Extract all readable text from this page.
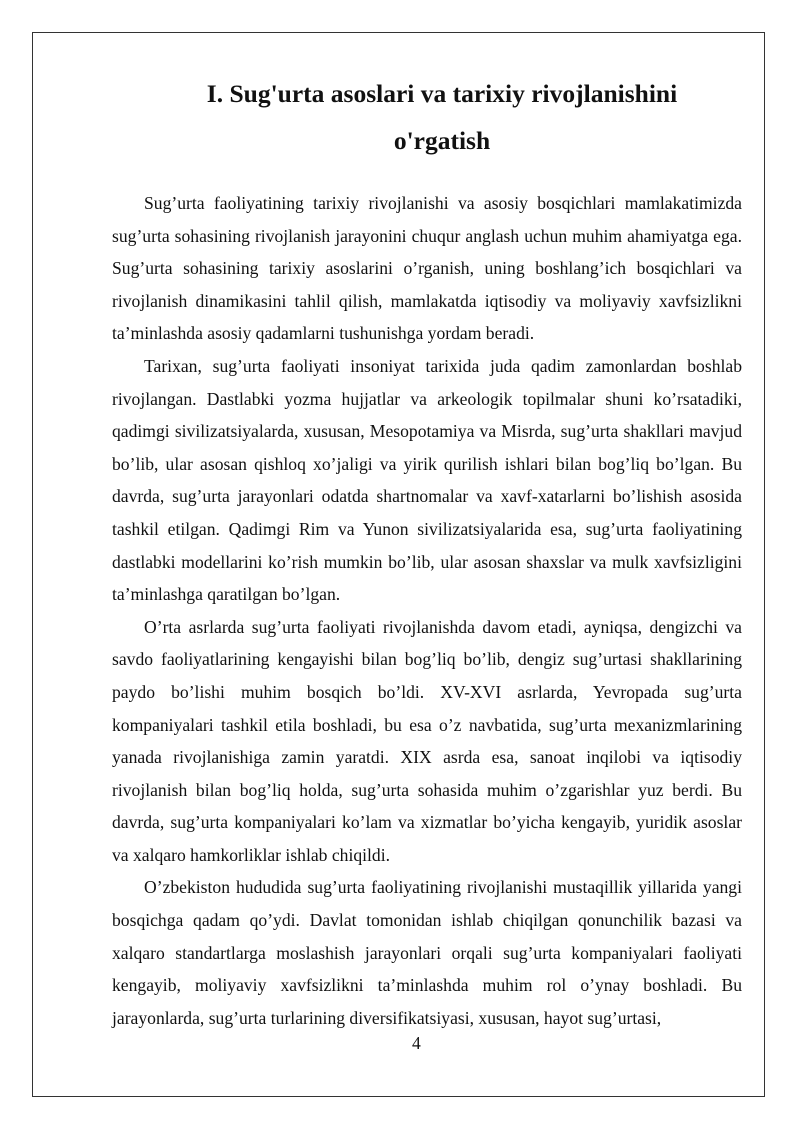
I. Sug'urta asoslari va tarixiy rivojlanishini
o'rgatish

Sug’urta faoliyatining tarixiy rivojlanishi va asosiy bosqichlari mamlakatimizda sug’urta sohasining rivojlanish jarayonini chuqur anglash uchun muhim ahamiyatga ega. Sug’urta sohasining tarixiy asoslarini o’rganish, uning boshlang’ich bosqichlari va rivojlanish dinamikasini tahlil qilish, mamlakatda iqtisodiy va moliyaviy xavfsizlikni ta’minlashda asosiy qadamlarni tushunishga yordam beradi.

Tarixan, sug’urta faoliyati insoniyat tarixida juda qadim zamonlardan boshlab rivojlangan. Dastlabki yozma hujjatlar va arkeologik topilmalar shuni ko’rsatadiki, qadimgi sivilizatsiyalarda, xususan, Mesopotamiya va Misrda, sug’urta shakllari mavjud bo’lib, ular asosan qishloq xo’jaligi va yirik qurilish ishlari bilan bog’liq bo’lgan. Bu davrda, sug’urta jarayonlari odatda shartnomalar va xavf-xatarlarni bo’lishish asosida tashkil etilgan. Qadimgi Rim va Yunon sivilizatsiyalarida esa, sug’urta faoliyatining dastlabki modellarini ko’rish mumkin bo’lib, ular asosan shaxslar va mulk xavfsizligini ta’minlashga qaratilgan bo’lgan.

O’rta asrlarda sug’urta faoliyati rivojlanishda davom etadi, ayniqsa, dengizchi va savdo faoliyatlarining kengayishi bilan bog’liq bo’lib, dengiz sug’urtasi shakllarining paydo bo’lishi muhim bosqich bo’ldi. XV-XVI asrlarda, Yevropada sug’urta kompaniyalari tashkil etila boshladi, bu esa o’z navbatida, sug’urta mexanizmlarining yanada rivojlanishiga zamin yaratdi. XIX asrda esa, sanoat inqilobi va iqtisodiy rivojlanish bilan bog’liq holda, sug’urta sohasida muhim o’zgarishlar yuz berdi. Bu davrda, sug’urta kompaniyalari ko’lam va xizmatlar bo’yicha kengayib, yuridik asoslar va xalqaro hamkorliklar ishlab chiqildi.

O’zbekiston hududida sug’urta faoliyatining rivojlanishi mustaqillik yillarida yangi bosqichga qadam qo’ydi. Davlat tomonidan ishlab chiqilgan qonunchilik bazasi va xalqaro standartlarga moslashish jarayonlari orqali sug’urta kompaniyalari faoliyati kengayib, moliyaviy xavfsizlikni ta’minlashda muhim rol o’ynay boshladi. Bu jarayonlarda, sug’urta turlarining diversifikatsiyasi, xususan, hayot sug’urtasi,

4
